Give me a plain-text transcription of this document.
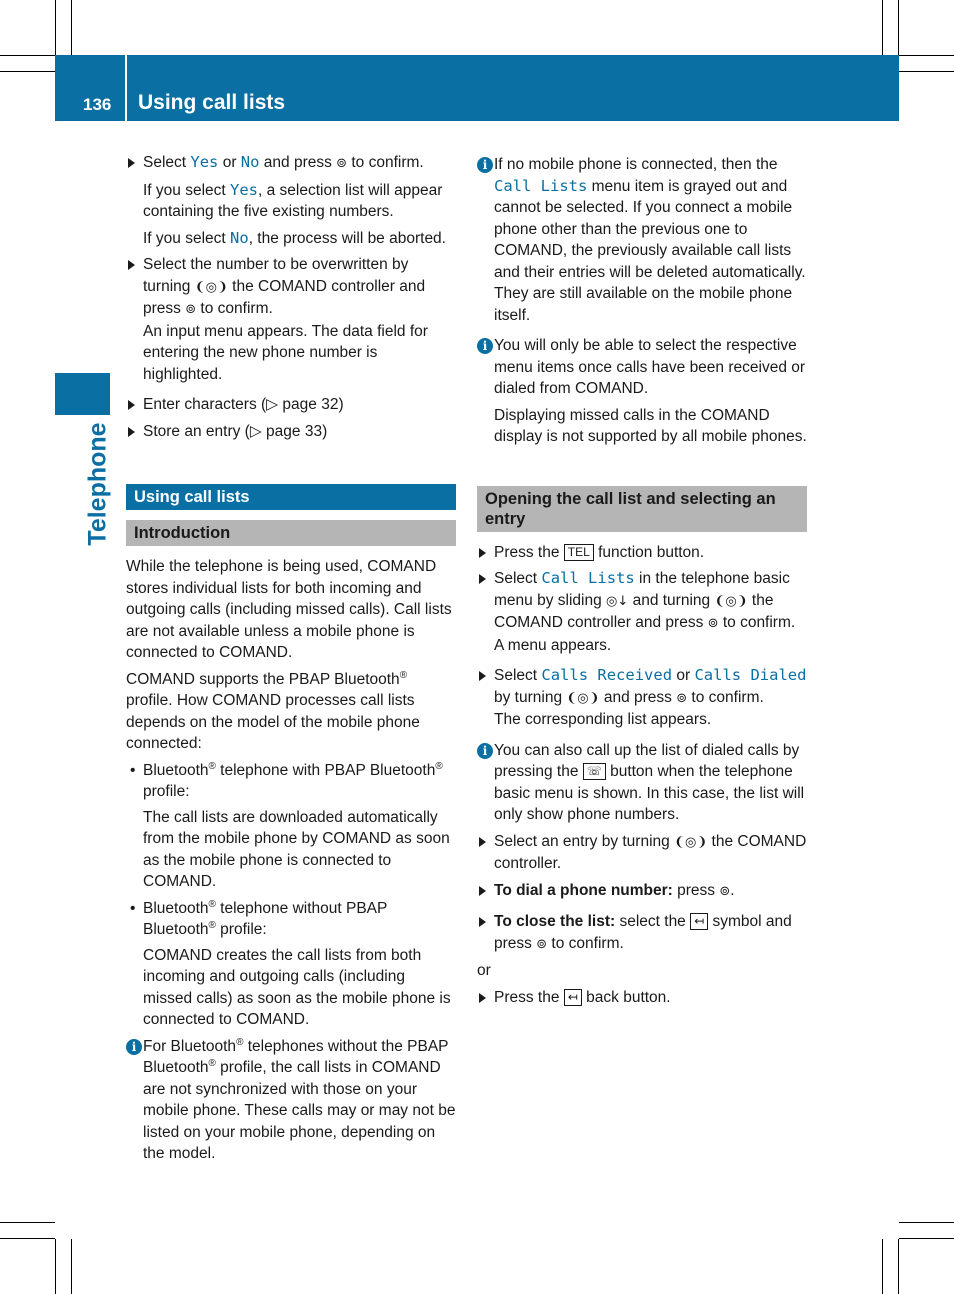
136 Using call lists
Telephone
Select Yes or No and press ⊚ to confirm.

If you select Yes, a selection list will appear containing the five existing numbers.

If you select No, the process will be aborted.

Select the number to be overwritten by turning ❨◎❩ the COMAND controller and press ⊚ to confirm.
An input menu appears. The data field for entering the new phone number is highlighted.
Enter characters (▷ page 32)
Store an entry (▷ page 33)
Using call lists
Introduction

While the telephone is being used, COMAND stores individual lists for both incoming and outgoing calls (including missed calls). Call lists are not available unless a mobile phone is connected to COMAND.

COMAND supports the PBAP Bluetooth® profile. How COMAND processes call lists depends on the model of the mobile phone connected:

• Bluetooth® telephone with PBAP Bluetooth® profile:

The call lists are downloaded automatically from the mobile phone by COMAND as soon as the mobile phone is connected to COMAND.

• Bluetooth® telephone without PBAP Bluetooth® profile:

COMAND creates the call lists from both incoming and outgoing calls (including missed calls) as soon as the mobile phone is connected to COMAND.

i For Bluetooth® telephones without the PBAP Bluetooth® profile, the call lists in COMAND are not synchronized with those on your mobile phone. These calls may or may not be listed on your mobile phone, depending on the model.
i If no mobile phone is connected, then the Call Lists menu item is grayed out and cannot be selected. If you connect a mobile phone other than the previous one to COMAND, the previously available call lists and their entries will be deleted automatically. They are still available on the mobile phone itself.
i You will only be able to select the respective menu items once calls have been received or dialed from COMAND.

Displaying missed calls in the COMAND display is not supported by all mobile phones.

Opening the call list and selecting an entry
Press the TEL function button.
Select Call Lists in the telephone basic menu by sliding ◎↓ and turning ❨◎❩ the COMAND controller and press ⊚ to confirm.
A menu appears.
Select Calls Received or Calls Dialed by turning ❨◎❩ and press ⊚ to confirm.
The corresponding list appears.
i You can also call up the list of dialed calls by pressing the ☏ button when the telephone basic menu is shown. In this case, the list will only show phone numbers.
Select an entry by turning ❨◎❩ the COMAND controller.
To dial a phone number: press ⊚.
To close the list: select the ↤ symbol and press ⊚ to confirm.

or

Press the ↤ back button.
